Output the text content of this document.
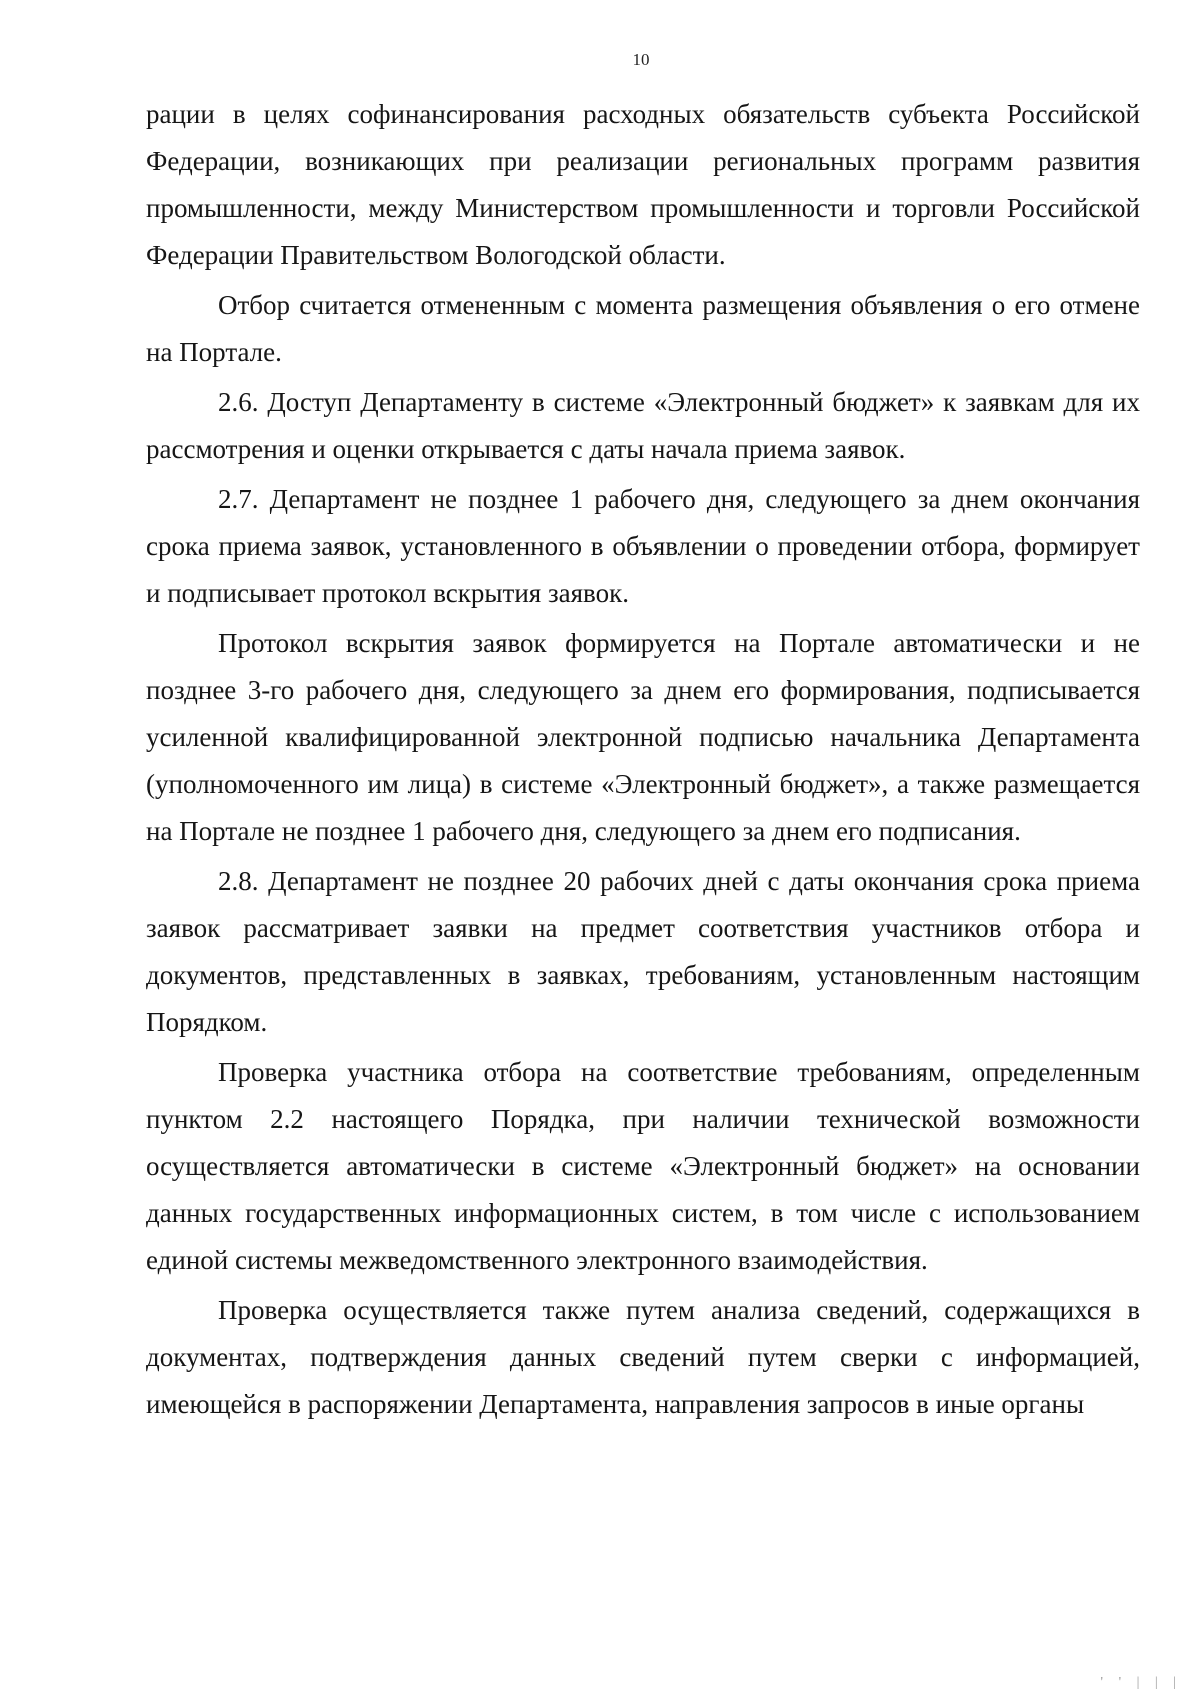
10

рации в целях софинансирования расходных обязательств субъекта Российской Федерации, возникающих при реализации региональных программ развития промышленности, между Министерством промышленности и торговли Российской Федерации Правительством Вологодской области.

Отбор считается отмененным с момента размещения объявления о его отмене на Портале.

2.6. Доступ Департаменту в системе «Электронный бюджет» к заявкам для их рассмотрения и оценки открывается с даты начала приема заявок.

2.7. Департамент не позднее 1 рабочего дня, следующего за днем окончания срока приема заявок, установленного в объявлении о проведении отбора, формирует и подписывает протокол вскрытия заявок.

Протокол вскрытия заявок формируется на Портале автоматически и не позднее 3-го рабочего дня, следующего за днем его формирования, подписывается усиленной квалифицированной электронной подписью начальника Департамента (уполномоченного им лица) в системе «Электронный бюджет», а также размещается на Портале не позднее 1 рабочего дня, следующего за днем его подписания.

2.8. Департамент не позднее 20 рабочих дней с даты окончания срока приема заявок рассматривает заявки на предмет соответствия участников отбора и документов, представленных в заявках, требованиям, установленным настоящим Порядком.

Проверка участника отбора на соответствие требованиям, определенным пунктом 2.2 настоящего Порядка, при наличии технической возможности осуществляется автоматически в системе «Электронный бюджет» на основании данных государственных информационных систем, в том числе с использованием единой системы межведомственного электронного взаимодействия.

Проверка осуществляется также путем анализа сведений, содержащихся в документах, подтверждения данных сведений путем сверки с информацией, имеющейся в распоряжении Департамента, направления запросов в иные органы

' ' | | |
